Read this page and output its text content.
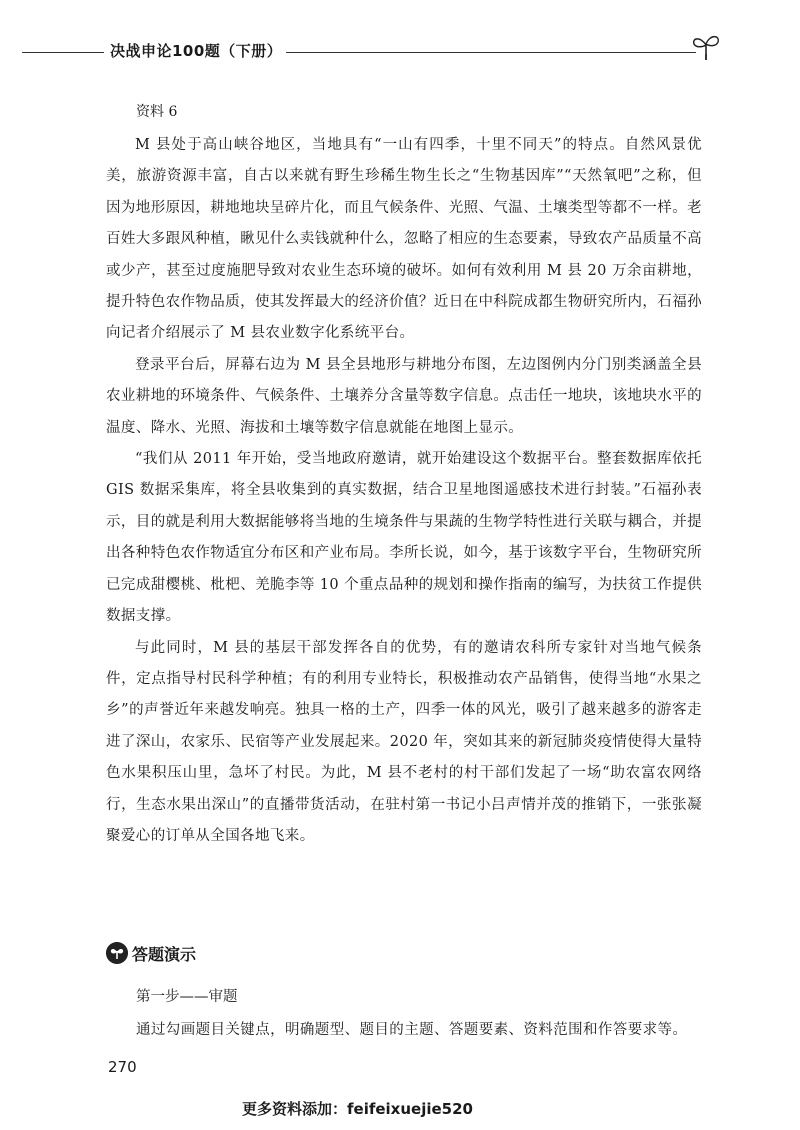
决战申论100题（下册）
资料 6

M 县处于高山峡谷地区，当地具有“一山有四季，十里不同天”的特点。自然风景优美，旅游资源丰富，自古以来就有野生珍稀生物生长之“生物基因库”“天然氧吧”之称，但因为地形原因，耕地地块呈碎片化，而且气候条件、光照、气温、土壤类型等都不一样。老百姓大多跟风种植，瞅见什么卖钱就种什么，忽略了相应的生态要素，导致农产品质量不高或少产，甚至过度施肥导致对农业生态环境的破坏。如何有效利用 M 县 20 万余亩耕地，提升特色农作物品质，使其发挥最大的经济价值？近日在中科院成都生物研究所内，石福孙向记者介绍展示了 M 县农业数字化系统平台。

登录平台后，屏幕右边为 M 县全县地形与耕地分布图，左边图例内分门别类涵盖全县农业耕地的环境条件、气候条件、土壤养分含量等数字信息。点击任一地块，该地块水平的温度、降水、光照、海拔和土壤等数字信息就能在地图上显示。

“我们从 2011 年开始，受当地政府邀请，就开始建设这个数据平台。整套数据库依托 GIS 数据采集库，将全县收集到的真实数据，结合卫星地图遥感技术进行封装。”石福孙表示，目的就是利用大数据能够将当地的生境条件与果蔬的生物学特性进行关联与耦合，并提出各种特色农作物适宜分布区和产业布局。李所长说，如今，基于该数字平台，生物研究所已完成甜樱桃、枇杷、羌脆李等 10 个重点品种的规划和操作指南的编写，为扶贫工作提供数据支撑。

与此同时，M 县的基层干部发挥各自的优势，有的邀请农科所专家针对当地气候条件，定点指导村民科学种植；有的利用专业特长，积极推动农产品销售，使得当地“水果之乡”的声誉近年来越发响亮。独具一格的土产，四季一体的风光，吸引了越来越多的游客走进了深山，农家乐、民宿等产业发展起来。2020 年，突如其来的新冠肺炎疫情使得大量特色水果积压山里，急坏了村民。为此，M 县不老村的村干部们发起了一场“助农富农网络行，生态水果出深山”的直播带货活动，在驻村第一书记小吕声情并茂的推销下，一张张凝聚爱心的订单从全国各地飞来。

答题演示
第一步——审题
通过勾画题目关键点，明确题型、题目的主题、答题要素、资料范围和作答要求等。
270
更多资料添加：feifeixuejie520
